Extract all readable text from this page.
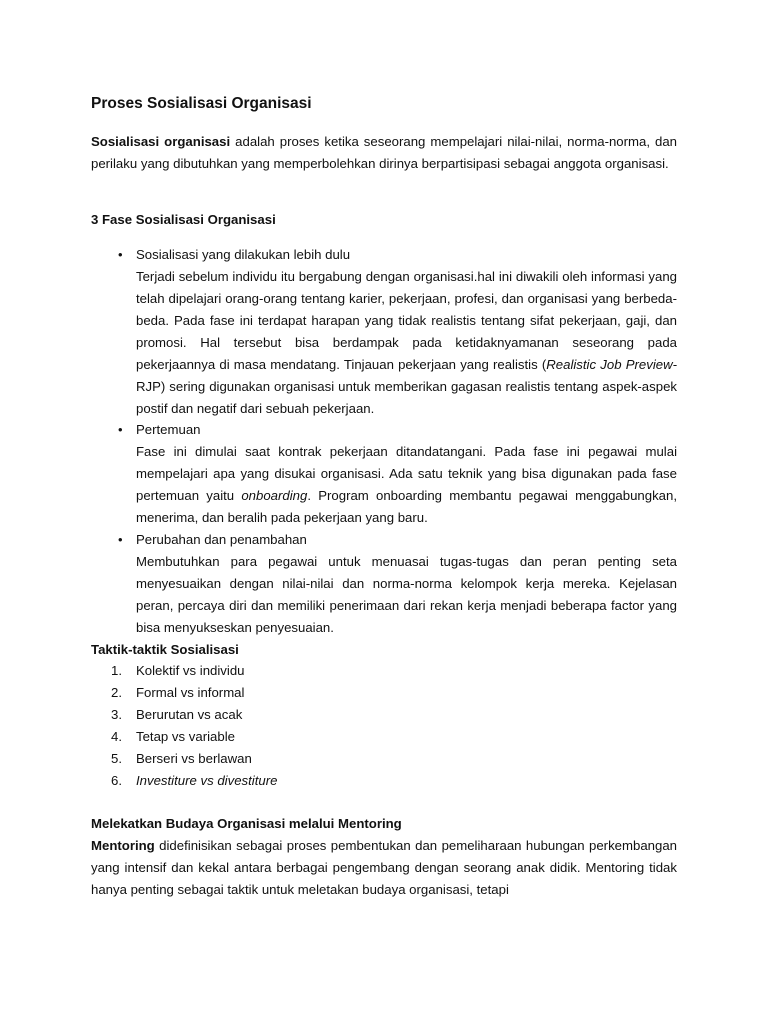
Proses Sosialisasi Organisasi
Sosialisasi organisasi adalah proses ketika seseorang mempelajari nilai-nilai, norma-norma, dan perilaku yang dibutuhkan yang memperbolehkan dirinya berpartisipasi sebagai anggota organisasi.
3 Fase Sosialisasi Organisasi
• Sosialisasi yang dilakukan lebih dulu
Terjadi sebelum individu itu bergabung dengan organisasi.hal ini diwakili oleh informasi yang telah dipelajari orang-orang tentang karier, pekerjaan, profesi, dan organisasi yang berbeda-beda. Pada fase ini terdapat harapan yang tidak realistis tentang sifat pekerjaan, gaji, dan promosi. Hal tersebut bisa berdampak pada ketidaknyamanan seseorang pada pekerjaannya di masa mendatang. Tinjauan pekerjaan yang realistis (Realistic Job Preview- RJP) sering digunakan organisasi untuk memberikan gagasan realistis tentang aspek-aspek postif dan negatif dari sebuah pekerjaan.
• Pertemuan
Fase ini dimulai saat kontrak pekerjaan ditandatangani. Pada fase ini pegawai mulai mempelajari apa yang disukai organisasi. Ada satu teknik yang bisa digunakan pada fase pertemuan yaitu onboarding. Program onboarding membantu pegawai menggabungkan, menerima, dan beralih pada pekerjaan yang baru.
• Perubahan dan penambahan
Membutuhkan para pegawai untuk menuasai tugas-tugas dan peran penting seta menyesuaikan dengan nilai-nilai dan norma-norma kelompok kerja mereka. Kejelasan peran, percaya diri dan memiliki penerimaan dari rekan kerja menjadi beberapa factor yang bisa menyukseskan penyesuaian.
Taktik-taktik Sosialisasi
1. Kolektif vs individu
2. Formal vs informal
3. Berurutan vs acak
4. Tetap vs variable
5. Berseri vs berlawan
6. Investiture vs divestiture
Melekatkan Budaya Organisasi melalui Mentoring
Mentoring didefinisikan sebagai proses pembentukan dan pemeliharaan hubungan perkembangan yang intensif dan kekal antara berbagai pengembang dengan seorang anak didik. Mentoring tidak hanya penting sebagai taktik untuk meletakan budaya organisasi, tetapi
